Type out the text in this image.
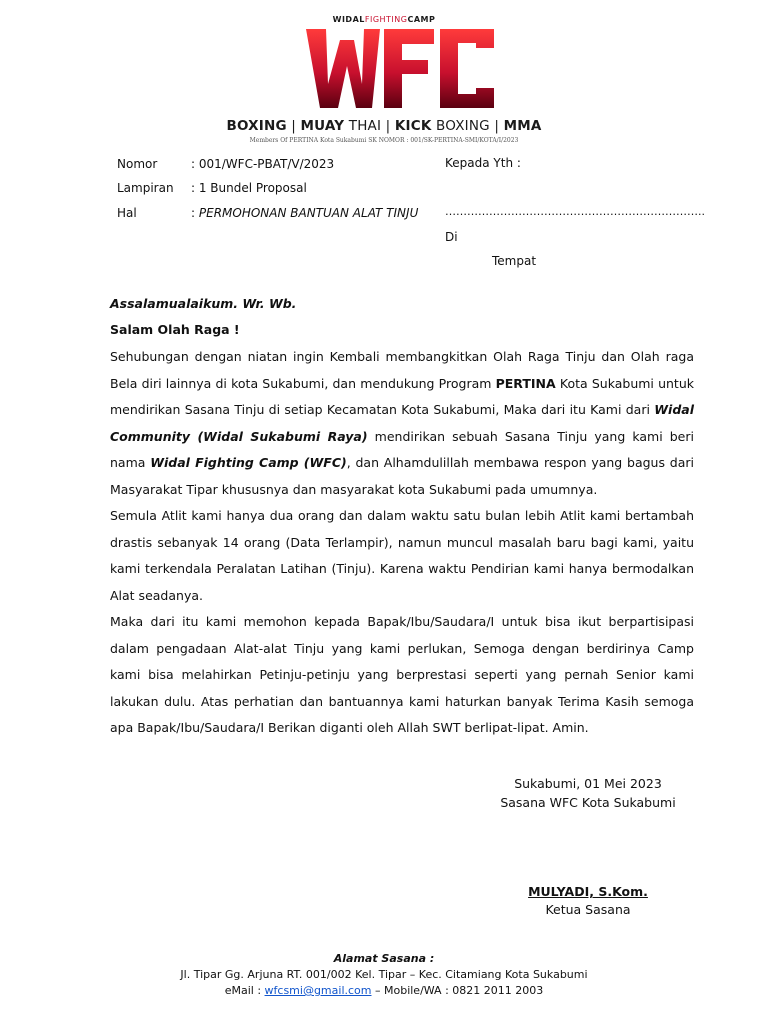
WIDALFIGHTINGCAMP
WFC
BOXING | MUAY THAI | KICK BOXING | MMA
Members Of PERTINA Kota Sukabumi SK NOMOR : 001/SK-PERTINA-SMI/KOTA/I/2023
Nomor	: 001/WFC-PBAT/V/2023
Lampiran : 1 Bundel Proposal
Hal	: PERMOHONAN BANTUAN ALAT TINJU
Kepada Yth :
……………………………………………………………..
Di
Tempat
Assalamualaikum. Wr. Wb.
Salam Olah Raga !

Sehubungan dengan niatan ingin Kembali membangkitkan Olah Raga Tinju dan Olah raga Bela diri lainnya di kota Sukabumi, dan mendukung Program PERTINA Kota Sukabumi untuk mendirikan Sasana Tinju di setiap Kecamatan Kota Sukabumi, Maka dari itu Kami dari Widal Community (Widal Sukabumi Raya) mendirikan sebuah Sasana Tinju yang kami beri nama Widal Fighting Camp (WFC), dan Alhamdulillah membawa respon yang bagus dari Masyarakat Tipar khususnya dan masyarakat kota Sukabumi pada umumnya.

Semula Atlit kami hanya dua orang dan dalam waktu satu bulan lebih Atlit kami bertambah drastis sebanyak 14 orang (Data Terlampir), namun muncul masalah baru bagi kami, yaitu kami terkendala Peralatan Latihan (Tinju). Karena waktu Pendirian kami hanya bermodalkan Alat seadanya.

Maka dari itu kami memohon kepada Bapak/Ibu/Saudara/I untuk bisa ikut berpartisipasi dalam pengadaan Alat-alat Tinju yang kami perlukan, Semoga dengan berdirinya Camp kami bisa melahirkan Petinju-petinju yang berprestasi seperti yang pernah Senior kami lakukan dulu. Atas perhatian dan bantuannya kami haturkan banyak Terima Kasih semoga apa Bapak/Ibu/Saudara/I Berikan diganti oleh Allah SWT berlipat-lipat. Amin.

Sukabumi, 01 Mei 2023
Sasana WFC Kota Sukabumi
MULYADI, S.Kom.
Ketua Sasana
Alamat Sasana :
Jl. Tipar Gg. Arjuna RT. 001/002 Kel. Tipar – Kec. Citamiang Kota Sukabumi
eMail : wfcsmi@gmail.com – Mobile/WA : 0821 2011 2003
